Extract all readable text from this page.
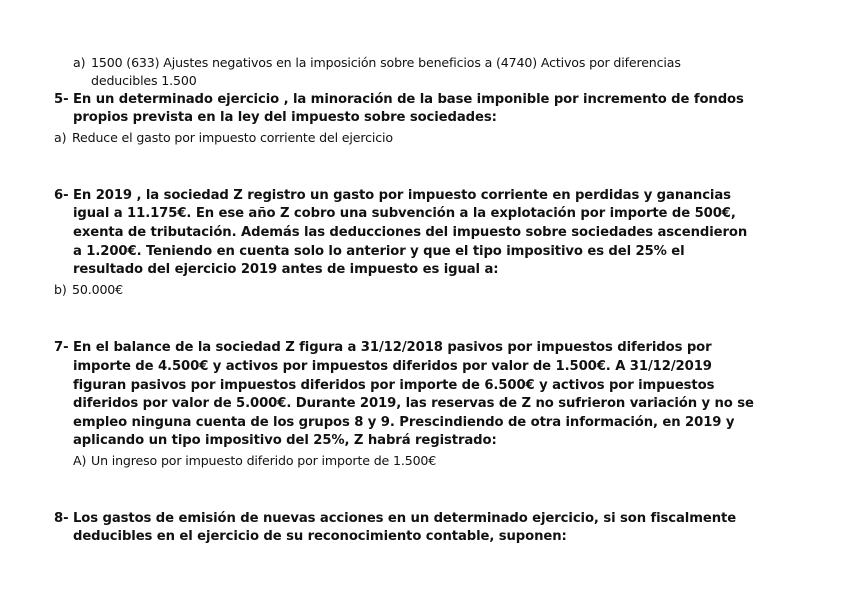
a) 1500 (633) Ajustes negativos en la imposición sobre beneficios a (4740) Activos por diferencias
deducibles 1.500
5- En un determinado ejercicio , la minoración de la base imponible por incremento de fondos
propios prevista en la ley del impuesto sobre sociedades:
a) Reduce el gasto por impuesto corriente del ejercicio
6- En 2019 , la sociedad Z registro un gasto por impuesto corriente en perdidas y ganancias
igual a 11.175€. En ese año Z cobro una subvención a la explotación por importe de 500€,
exenta de tributación. Además las deducciones del impuesto sobre sociedades ascendieron
a 1.200€. Teniendo en cuenta solo lo anterior y que el tipo impositivo es del 25% el
resultado del ejercicio 2019 antes de impuesto es igual a:
b) 50.000€
7- En el balance de la sociedad Z figura a 31/12/2018 pasivos por impuestos diferidos por
importe de 4.500€ y activos por impuestos diferidos por valor de 1.500€. A 31/12/2019
figuran pasivos por impuestos diferidos por importe de 6.500€ y activos por impuestos
diferidos por valor de 5.000€. Durante 2019, las reservas de Z no sufrieron variación y no se
empleo ninguna cuenta de los grupos 8 y 9. Prescindiendo de otra información, en 2019 y
aplicando un tipo impositivo del 25%, Z habrá registrado:
A) Un ingreso por impuesto diferido por importe de 1.500€
8- Los gastos de emisión de nuevas acciones en un determinado ejercicio, si son fiscalmente
deducibles en el ejercicio de su reconocimiento contable, suponen:
